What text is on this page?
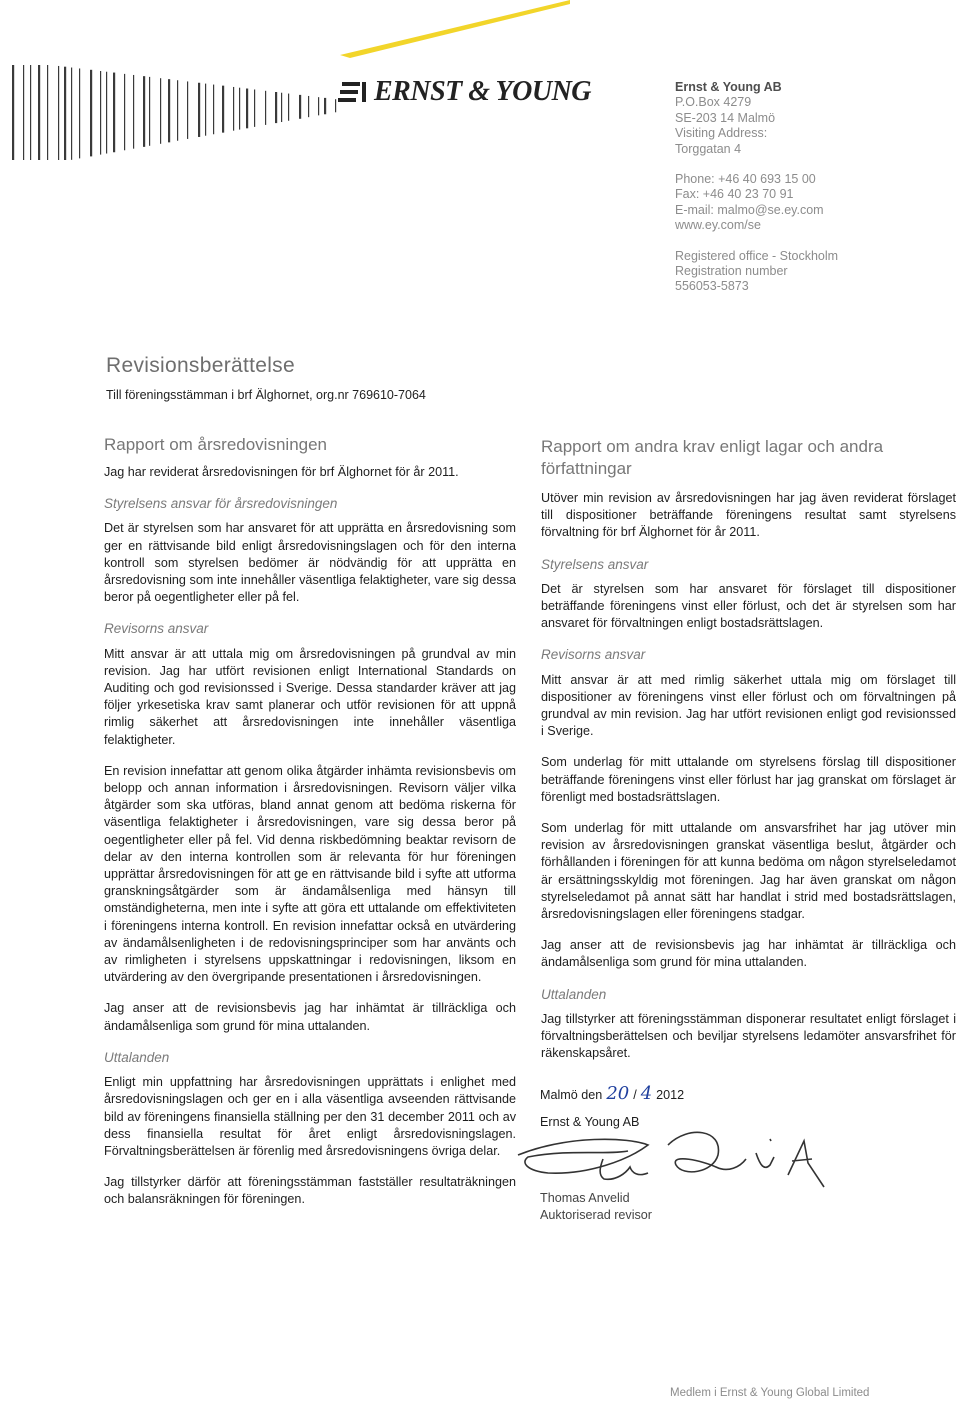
ERNST & YOUNG	Ernst & Young AB
P.O.Box 4279
SE-203 14 Malmö
Visiting Address:
Torggatan 4
Phone: +46 40 693 15 00
Fax: +46 40 23 70 91
E-mail: malmo@se.ey.com
www.ey.com/se
Registered office - Stockholm
Registration number
556053-5873
Revisionsberättelse
Till föreningsstämman i brf Älghornet, org.nr 769610-7064
Rapport om årsredovisningen

Jag har reviderat årsredovisningen för brf Älghornet för år 2011.

Styrelsens ansvar för årsredovisningen

Det är styrelsen som har ansvaret för att upprätta en årsredovisning som ger en rättvisande bild enligt årsredovisningslagen och för den interna kontroll som styrelsen bedömer är nödvändig för att upprätta en årsredovisning som inte innehåller väsentliga felaktigheter, vare sig dessa beror på oegentligheter eller på fel.

Revisorns ansvar

Mitt ansvar är att uttala mig om årsredovisningen på grundval av min revision. Jag har utfört revisionen enligt International Standards on Auditing och god revisionssed i Sverige. Dessa standarder kräver att jag följer yrkesetiska krav samt planerar och utför revisionen för att uppnå rimlig säkerhet att årsredovisningen inte innehåller väsentliga felaktigheter.

En revision innefattar att genom olika åtgärder inhämta revisionsbevis om belopp och annan information i årsredovisningen. Revisorn väljer vilka åtgärder som ska utföras, bland annat genom att bedöma riskerna för väsentliga felaktigheter i årsredovisningen, vare sig dessa beror på oegentligheter eller på fel. Vid denna riskbedömning beaktar revisorn de delar av den interna kontrollen som är relevanta för hur föreningen upprättar årsredovisningen för att ge en rättvisande bild i syfte att utforma granskningsåtgärder som är ändamålsenliga med hänsyn till omständigheterna, men inte i syfte att göra ett uttalande om effektiviteten i föreningens interna kontroll. En revision innefattar också en utvärdering av ändamålsenligheten i de redovisningsprinciper som har använts och av rimligheten i styrelsens uppskattningar i redovisningen, liksom en utvärdering av den övergripande presentationen i årsredovisningen.

Jag anser att de revisionsbevis jag har inhämtat är tillräckliga och ändamålsenliga som grund för mina uttalanden.

Uttalanden

Enligt min uppfattning har årsredovisningen upprättats i enlighet med årsredovisningslagen och ger en i alla väsentliga avseenden rättvisande bild av föreningens finansiella ställning per den 31 december 2011 och av dess finansiella resultat för året enligt årsredovisningslagen. Förvaltningsberättelsen är förenlig med årsredovisningens övriga delar.

Jag tillstyrker därför att föreningsstämman fastställer resultaträkningen och balansräkningen för föreningen.

Rapport om andra krav enligt lagar och andra författningar

Utöver min revision av årsredovisningen har jag även reviderat förslaget till dispositioner beträffande föreningens resultat samt styrelsens förvaltning för brf Älghornet för år 2011.

Styrelsens ansvar

Det är styrelsen som har ansvaret för förslaget till dispositioner beträffande föreningens vinst eller förlust, och det är styrelsen som har ansvaret för förvaltningen enligt bostadsrättslagen.

Revisorns ansvar

Mitt ansvar är att med rimlig säkerhet uttala mig om förslaget till dispositioner av föreningens vinst eller förlust och om förvaltningen på grundval av min revision. Jag har utfört revisionen enligt god revisionssed i Sverige.

Som underlag för mitt uttalande om styrelsens förslag till dispositioner beträffande föreningens vinst eller förlust har jag granskat om förslaget är förenligt med bostadsrättslagen.

Som underlag för mitt uttalande om ansvarsfrihet har jag utöver min revision av årsredovisningen granskat väsentliga beslut, åtgärder och förhållanden i föreningen för att kunna bedöma om någon styrelseledamot är ersättningsskyldig mot föreningen. Jag har även granskat om någon styrelseledamot på annat sätt har handlat i strid med bostadsrättslagen, årsredovisningslagen eller föreningens stadgar.

Jag anser att de revisionsbevis jag har inhämtat är tillräckliga och ändamålsenliga som grund för mina uttalanden.

Uttalanden

Jag tillstyrker att föreningsstämman disponerar resultatet enligt förslaget i förvaltningsberättelsen och beviljar styrelsens ledamöter ansvarsfrihet för räkenskapsåret.

Malmö den 20 / 4 2012
Ernst & Young AB
Thomas Anvelid
Auktoriserad revisor
Medlem i Ernst & Young Global Limited
